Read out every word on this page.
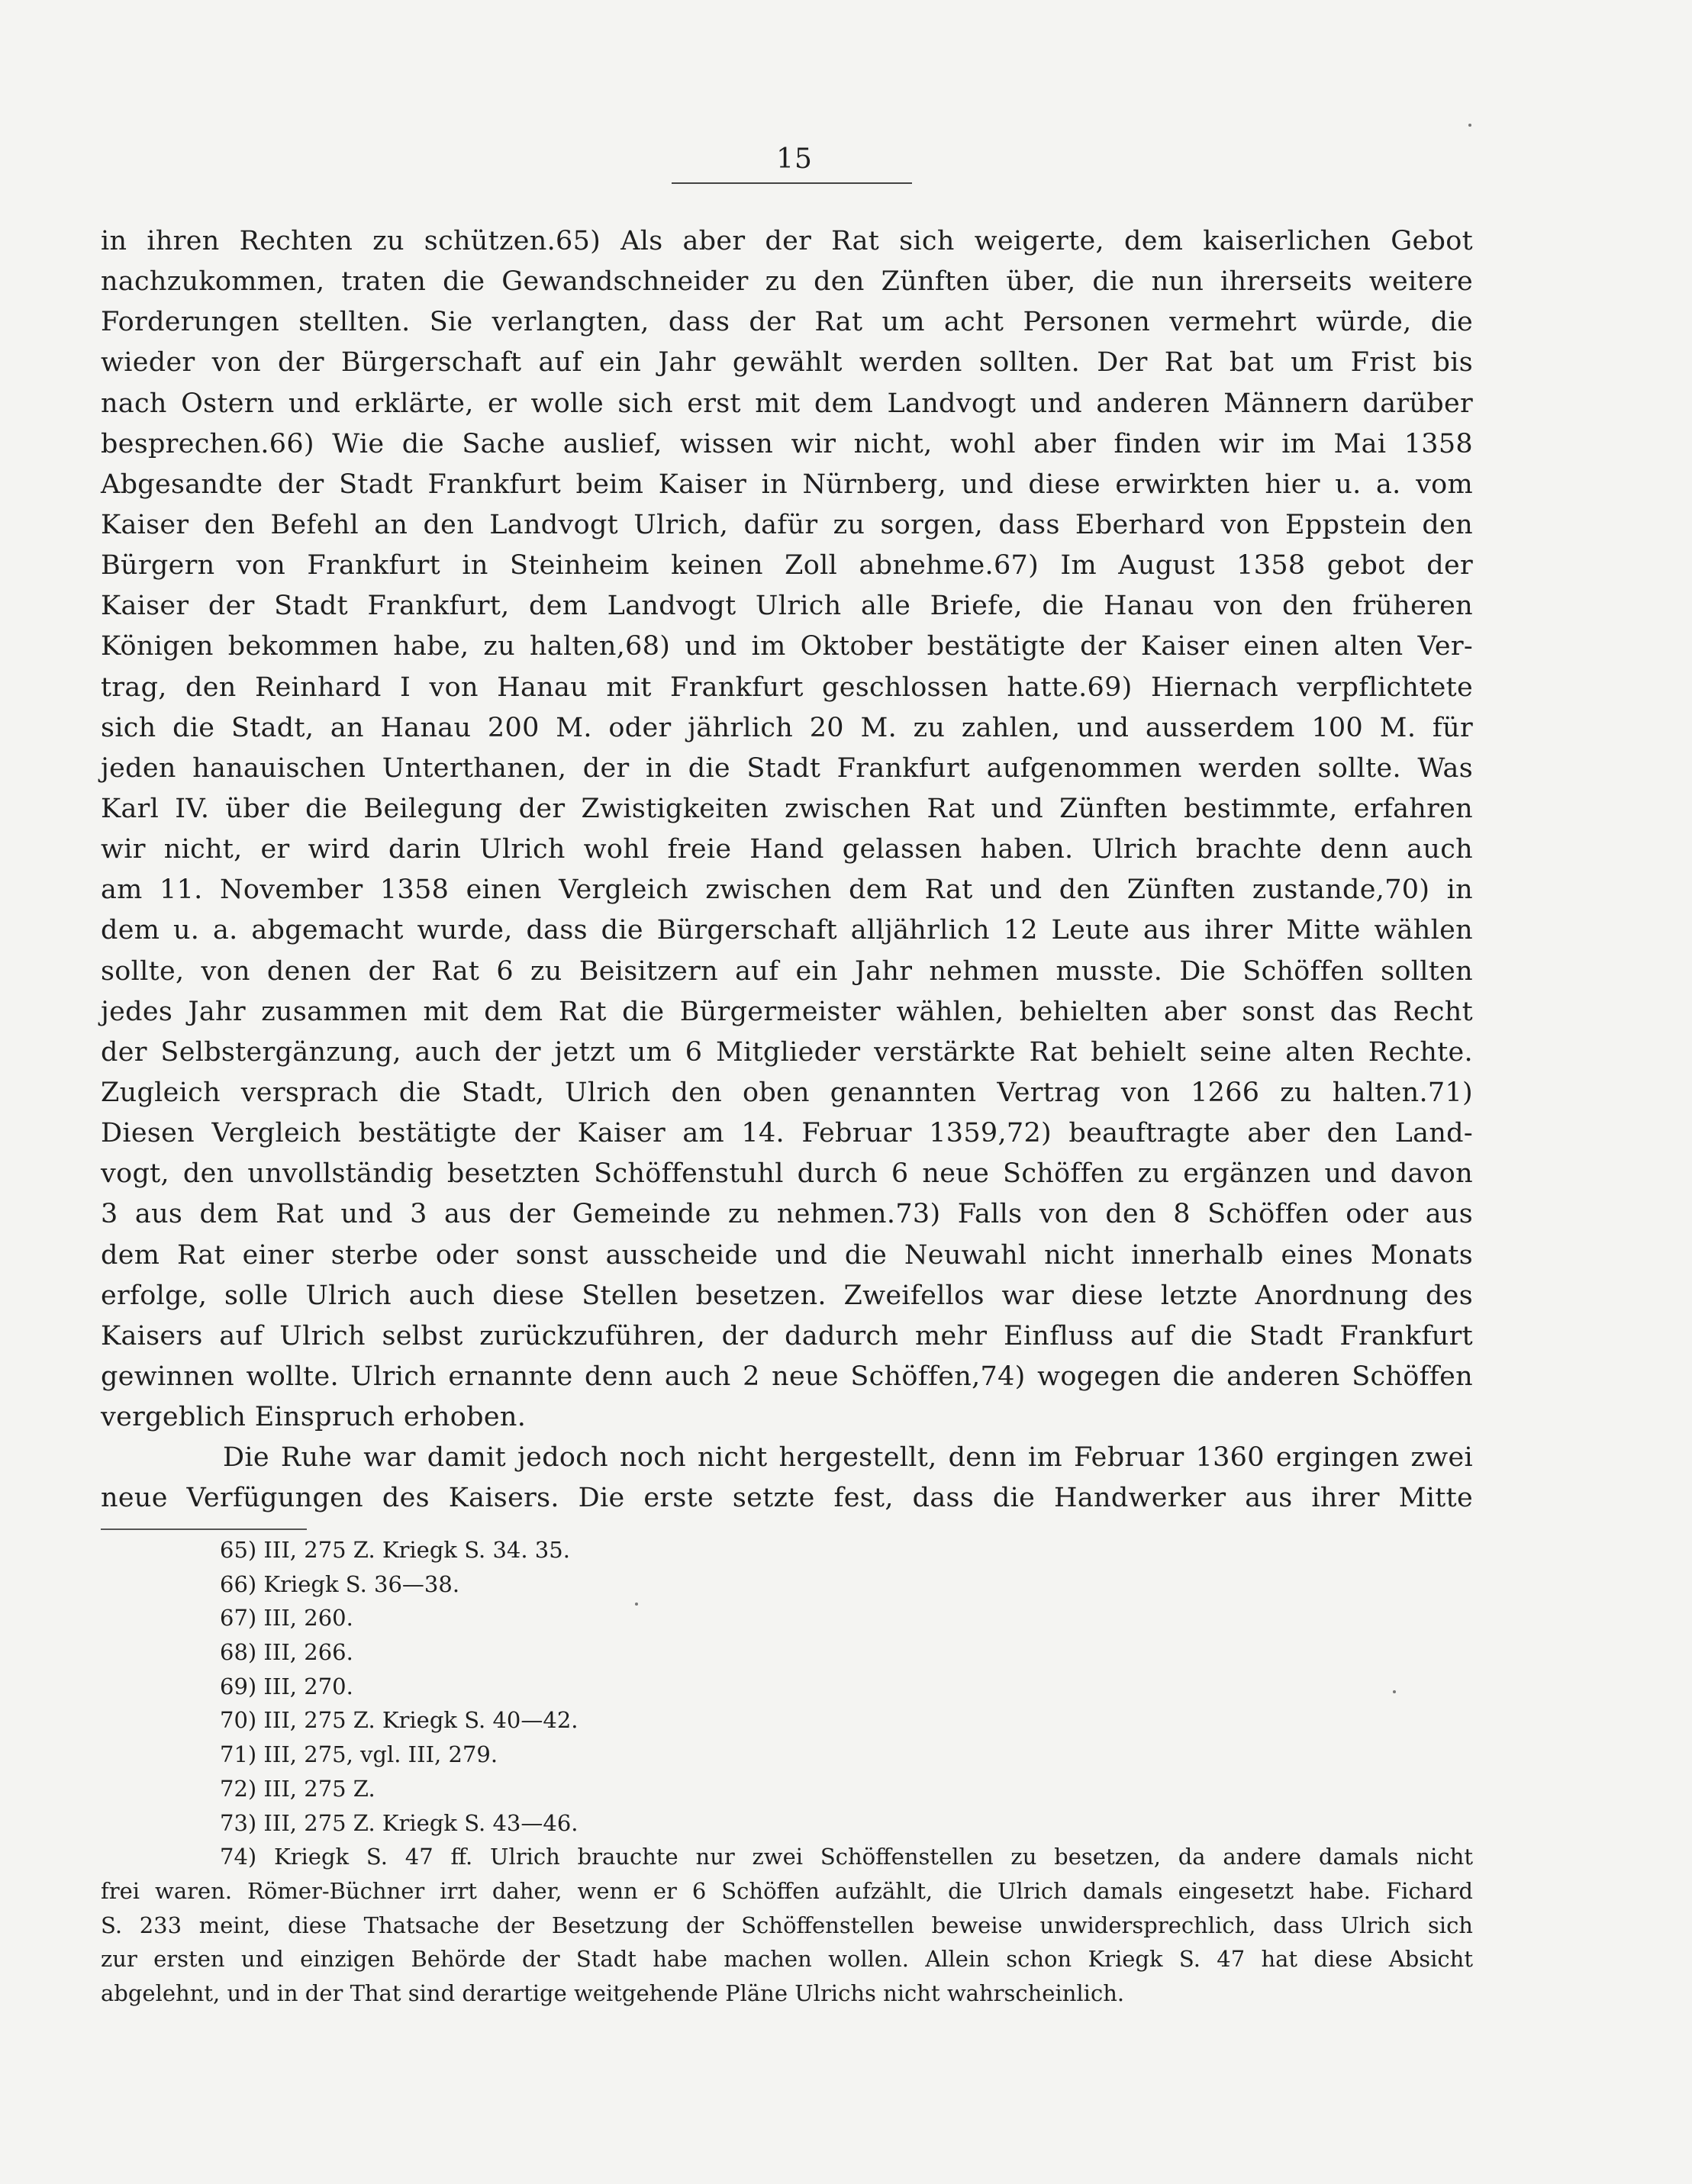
15
in ihren Rechten zu schützen.65) Als aber der Rat sich weigerte, dem kaiserlichen Gebot
nachzukommen, traten die Gewandschneider zu den Zünften über, die nun ihrerseits weitere
Forderungen stellten. Sie verlangten, dass der Rat um acht Personen vermehrt würde, die
wieder von der Bürgerschaft auf ein Jahr gewählt werden sollten. Der Rat bat um Frist bis
nach Ostern und erklärte, er wolle sich erst mit dem Landvogt und anderen Männern darüber
besprechen.66) Wie die Sache auslief, wissen wir nicht, wohl aber finden wir im Mai 1358
Abgesandte der Stadt Frankfurt beim Kaiser in Nürnberg, und diese erwirkten hier u. a. vom
Kaiser den Befehl an den Landvogt Ulrich, dafür zu sorgen, dass Eberhard von Eppstein den
Bürgern von Frankfurt in Steinheim keinen Zoll abnehme.67) Im August 1358 gebot der
Kaiser der Stadt Frankfurt, dem Landvogt Ulrich alle Briefe, die Hanau von den früheren
Königen bekommen habe, zu halten,68) und im Oktober bestätigte der Kaiser einen alten Ver-
trag, den Reinhard I von Hanau mit Frankfurt geschlossen hatte.69) Hiernach verpflichtete
sich die Stadt, an Hanau 200 M. oder jährlich 20 M. zu zahlen, und ausserdem 100 M. für
jeden hanauischen Unterthanen, der in die Stadt Frankfurt aufgenommen werden sollte. Was
Karl IV. über die Beilegung der Zwistigkeiten zwischen Rat und Zünften bestimmte, erfahren
wir nicht, er wird darin Ulrich wohl freie Hand gelassen haben. Ulrich brachte denn auch
am 11. November 1358 einen Vergleich zwischen dem Rat und den Zünften zustande,70) in
dem u. a. abgemacht wurde, dass die Bürgerschaft alljährlich 12 Leute aus ihrer Mitte wählen
sollte, von denen der Rat 6 zu Beisitzern auf ein Jahr nehmen musste. Die Schöffen sollten
jedes Jahr zusammen mit dem Rat die Bürgermeister wählen, behielten aber sonst das Recht
der Selbstergänzung, auch der jetzt um 6 Mitglieder verstärkte Rat behielt seine alten Rechte.
Zugleich versprach die Stadt, Ulrich den oben genannten Vertrag von 1266 zu halten.71)
Diesen Vergleich bestätigte der Kaiser am 14. Februar 1359,72) beauftragte aber den Land-
vogt, den unvollständig besetzten Schöffenstuhl durch 6 neue Schöffen zu ergänzen und davon
3 aus dem Rat und 3 aus der Gemeinde zu nehmen.73) Falls von den 8 Schöffen oder aus
dem Rat einer sterbe oder sonst ausscheide und die Neuwahl nicht innerhalb eines Monats
erfolge, solle Ulrich auch diese Stellen besetzen. Zweifellos war diese letzte Anordnung des
Kaisers auf Ulrich selbst zurückzuführen, der dadurch mehr Einfluss auf die Stadt Frankfurt
gewinnen wollte. Ulrich ernannte denn auch 2 neue Schöffen,74) wogegen die anderen Schöffen
vergeblich Einspruch erhoben.
Die Ruhe war damit jedoch noch nicht hergestellt, denn im Februar 1360 ergingen zwei
neue Verfügungen des Kaisers. Die erste setzte fest, dass die Handwerker aus ihrer Mitte
65) III, 275 Z. Kriegk S. 34. 35.
66) Kriegk S. 36—38.
67) III, 260.
68) III, 266.
69) III, 270.
70) III, 275 Z. Kriegk S. 40—42.
71) III, 275, vgl. III, 279.
72) III, 275 Z.
73) III, 275 Z. Kriegk S. 43—46.
74) Kriegk S. 47 ff. Ulrich brauchte nur zwei Schöffenstellen zu besetzen, da andere damals nicht
frei waren. Römer-Büchner irrt daher, wenn er 6 Schöffen aufzählt, die Ulrich damals eingesetzt habe. Fichard
S. 233 meint, diese Thatsache der Besetzung der Schöffenstellen beweise unwidersprechlich, dass Ulrich sich
zur ersten und einzigen Behörde der Stadt habe machen wollen. Allein schon Kriegk S. 47 hat diese Absicht
abgelehnt, und in der That sind derartige weitgehende Pläne Ulrichs nicht wahrscheinlich.
